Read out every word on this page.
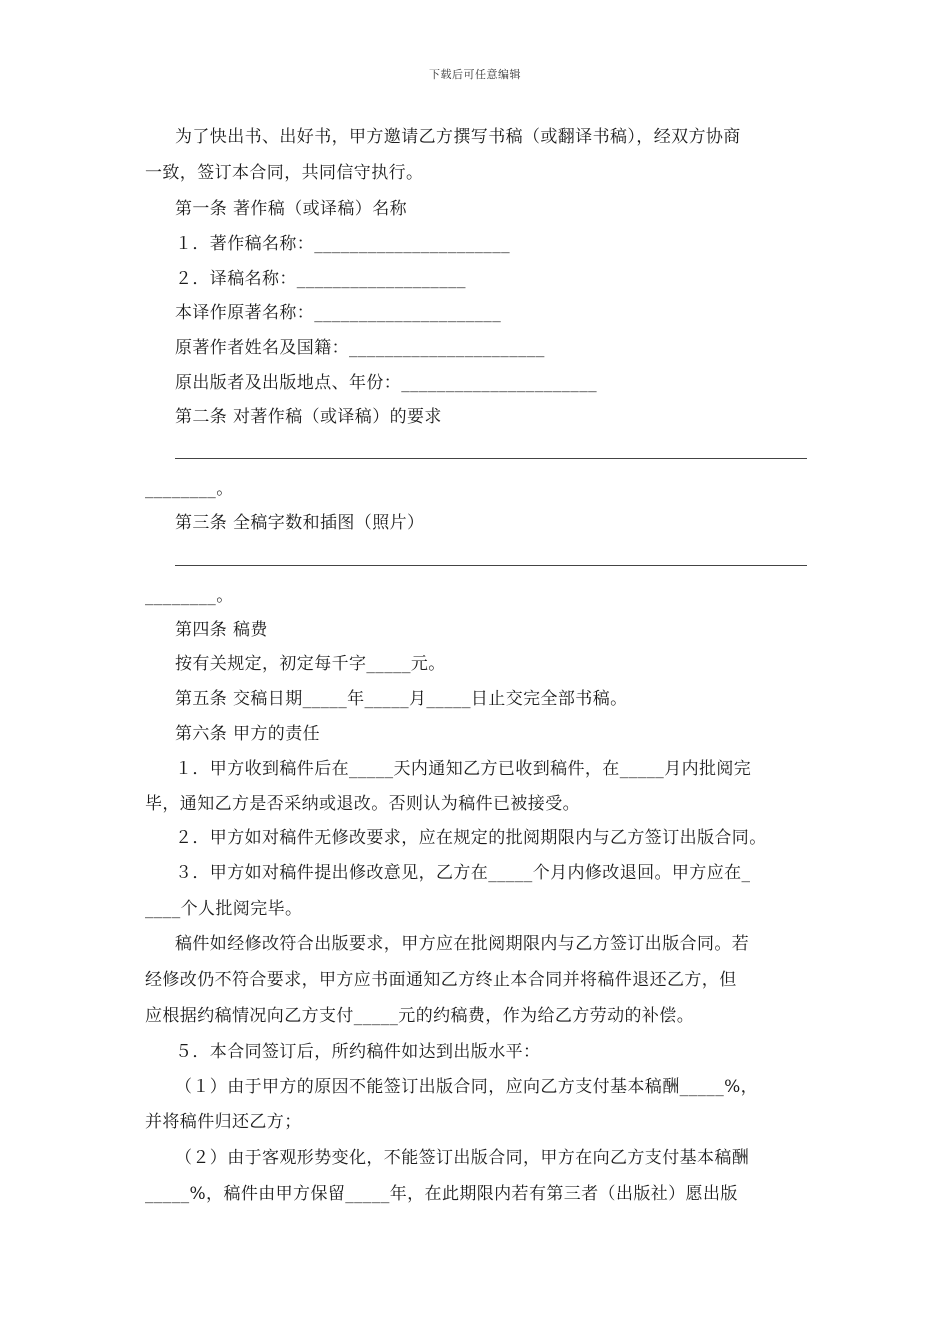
下载后可任意编辑
为了快出书、出好书，甲方邀请乙方撰写书稿（或翻译书稿），经双方协商
一致，签订本合同，共同信守执行。
第一条 著作稿（或译稿）名称
１．著作稿名称：______________________
２．译稿名称：___________________
本译作原著名称：_____________________
原著作者姓名及国籍：______________________
原出版者及出版地点、年份：______________________
第二条 对著作稿（或译稿）的要求
________。
第三条 全稿字数和插图（照片）
________。
第四条 稿费
按有关规定，初定每千字_____元。
第五条 交稿日期_____年_____月_____日止交完全部书稿。
第六条 甲方的责任
１．甲方收到稿件后在_____天内通知乙方已收到稿件，在_____月内批阅完
毕，通知乙方是否采纳或退改。否则认为稿件已被接受。
２．甲方如对稿件无修改要求，应在规定的批阅期限内与乙方签订出版合同。
３．甲方如对稿件提出修改意见，乙方在_____个月内修改退回。甲方应在_
____个人批阅完毕。
稿件如经修改符合出版要求，甲方应在批阅期限内与乙方签订出版合同。若
经修改仍不符合要求，甲方应书面通知乙方终止本合同并将稿件退还乙方，但
应根据约稿情况向乙方支付_____元的约稿费，作为给乙方劳动的补偿。
５．本合同签订后，所约稿件如达到出版水平：
（１）由于甲方的原因不能签订出版合同，应向乙方支付基本稿酬_____%，
并将稿件归还乙方；
（２）由于客观形势变化，不能签订出版合同，甲方在向乙方支付基本稿酬
_____%，稿件由甲方保留_____年，在此期限内若有第三者（出版社）愿出版
